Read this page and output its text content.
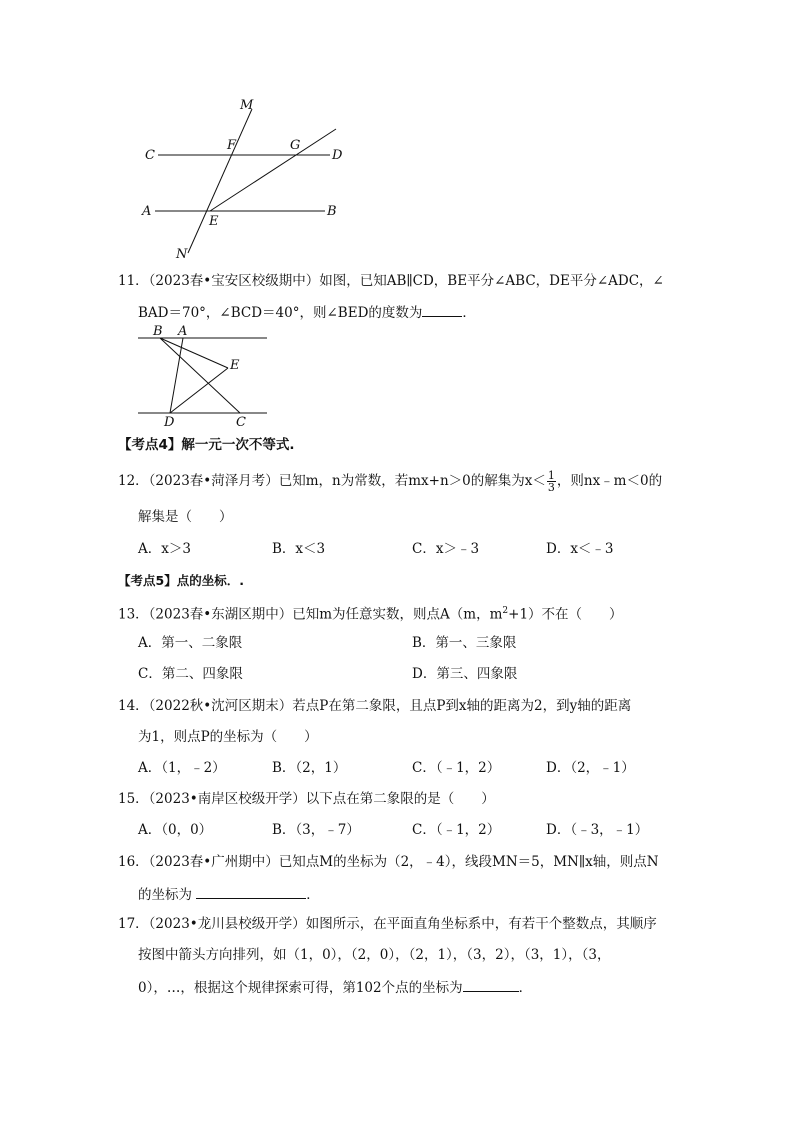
M
F	G
C	D
A
E
B
N
11．（2023春•宝安区校级期中）如图，已知AB∥CD，BE平分∠ABC，DE平分∠ADC，∠
BAD＝70°，∠BCD＝40°，则∠BED的度数为	．
B A
E
D	C
【考点4】解一元一次不等式.
12．（2023春•菏泽月考）已知m，n为常数，若mx+n＞0的解集为$x< \frac{1}{3}$ ，则nx﹣m＜0的
解集是（　　）
A．x＞3	B．x＜3	C．x＞﹣3	D．x＜﹣3
【考点5】点的坐标．.
13．（2023春•东湖区期中）已知m为任意实数，则点A（m，$m^2+1$）不在（　　）
A．第一、二象限	B．第一、三象限
C．第二、四象限	D．第三、四象限
14．（2022秋•沈河区期末）若点P在第二象限，且点P到x轴的距离为2，到y轴的距离
为1，则点P的坐标为（　　）
A．（1，﹣2）	B．（2，1）	C．（﹣1，2）	D．（2，﹣1）
15．（2023•南岸区校级开学）以下点在第二象限的是（　　）
A．（0，0）	B．（3，﹣7）	C．（﹣1，2）	D．（﹣3，﹣1）
16．（2023春•广州期中）已知点M的坐标为（2，﹣4），线段MN＝5，MN∥x轴，则点N
的坐标为	．
17．（2023•龙川县校级开学）如图所示，在平面直角坐标系中，有若干个整数点，其顺序
按图中箭头方向排列，如（1，0），（2，0），（2，1），（3，2），（3，1），（3，
0），…，根据这个规律探索可得，第102个点的坐标为	．
